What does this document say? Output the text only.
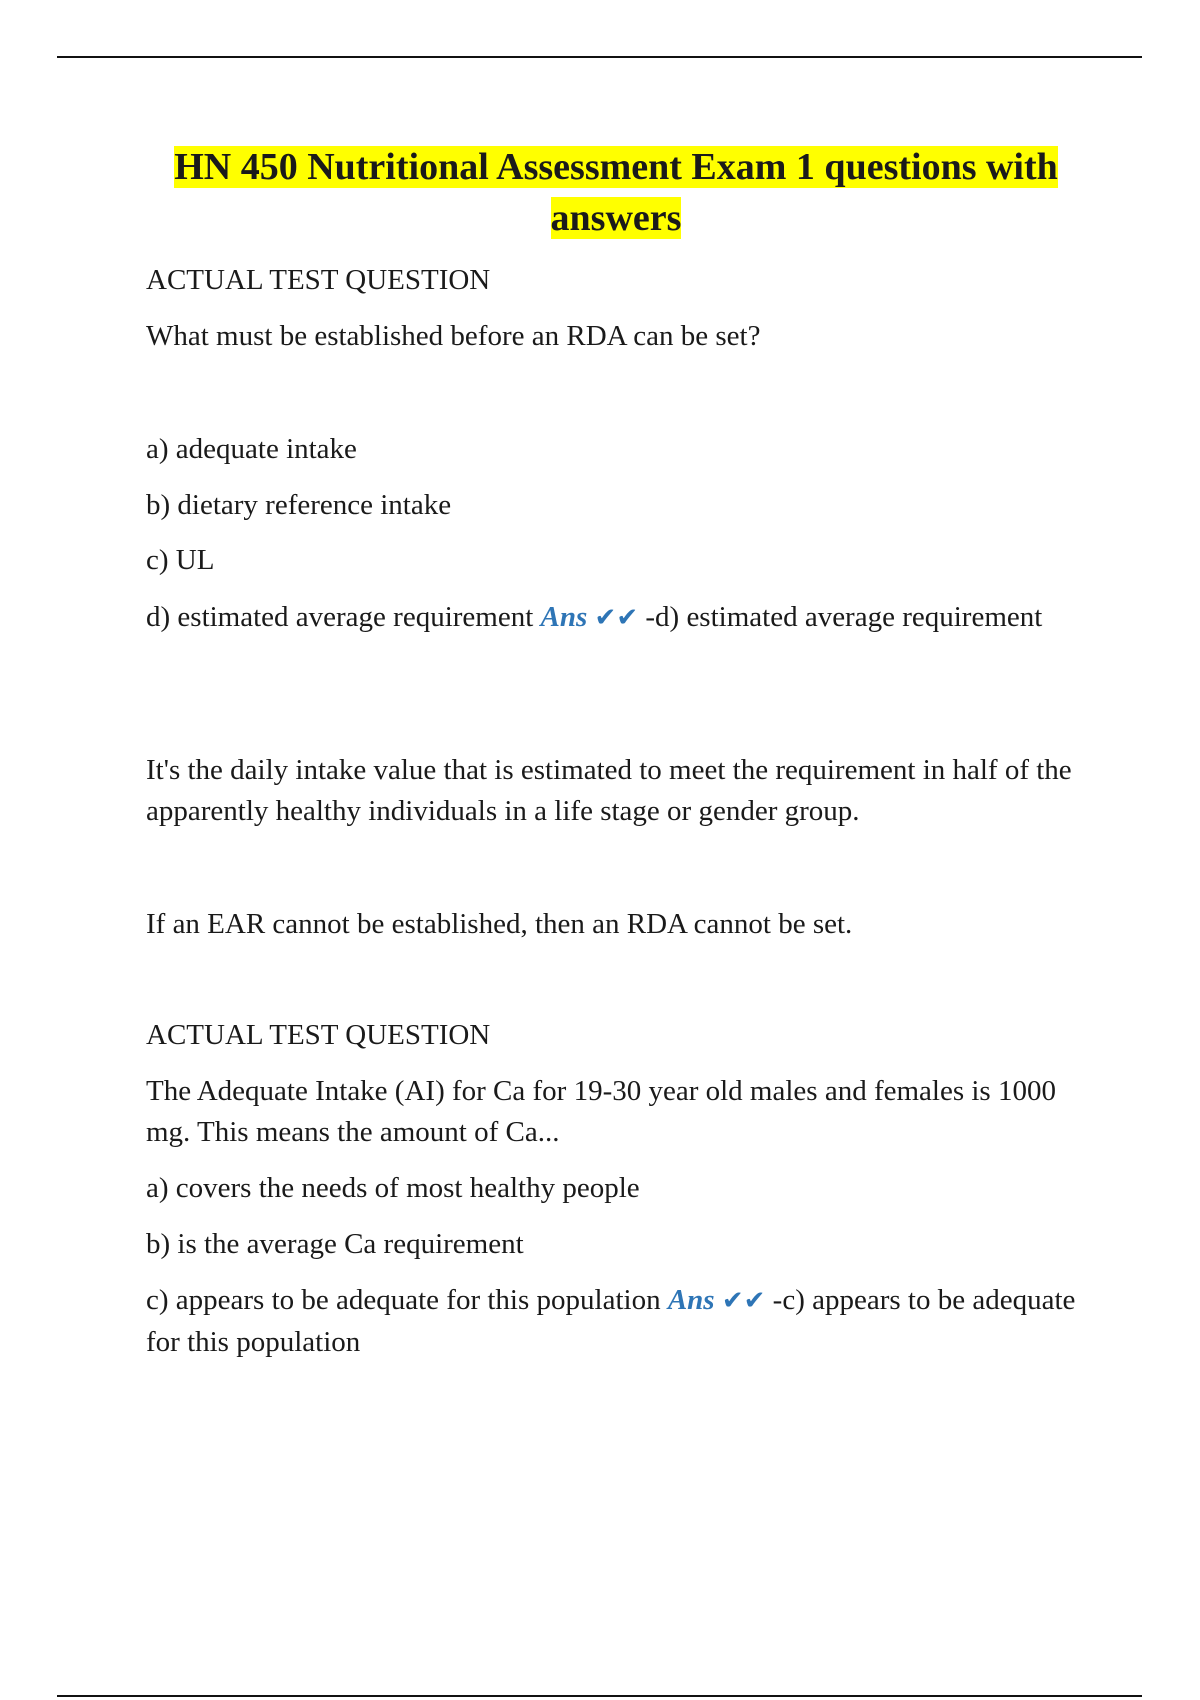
HN 450 Nutritional Assessment Exam 1 questions with
answers

ACTUAL TEST QUESTION

What must be established before an RDA can be set?

a) adequate intake

b) dietary reference intake

c) UL

d) estimated average requirement Ans ✔✔ -d) estimated average requirement

It's the daily intake value that is estimated to meet the requirement in half of the apparently healthy individuals in a life stage or gender group.

If an EAR cannot be established, then an RDA cannot be set.

ACTUAL TEST QUESTION

The Adequate Intake (AI) for Ca for 19-30 year old males and females is 1000 mg. This means the amount of Ca...

a) covers the needs of most healthy people

b) is the average Ca requirement

c) appears to be adequate for this population Ans ✔✔ -c) appears to be adequate for this population
